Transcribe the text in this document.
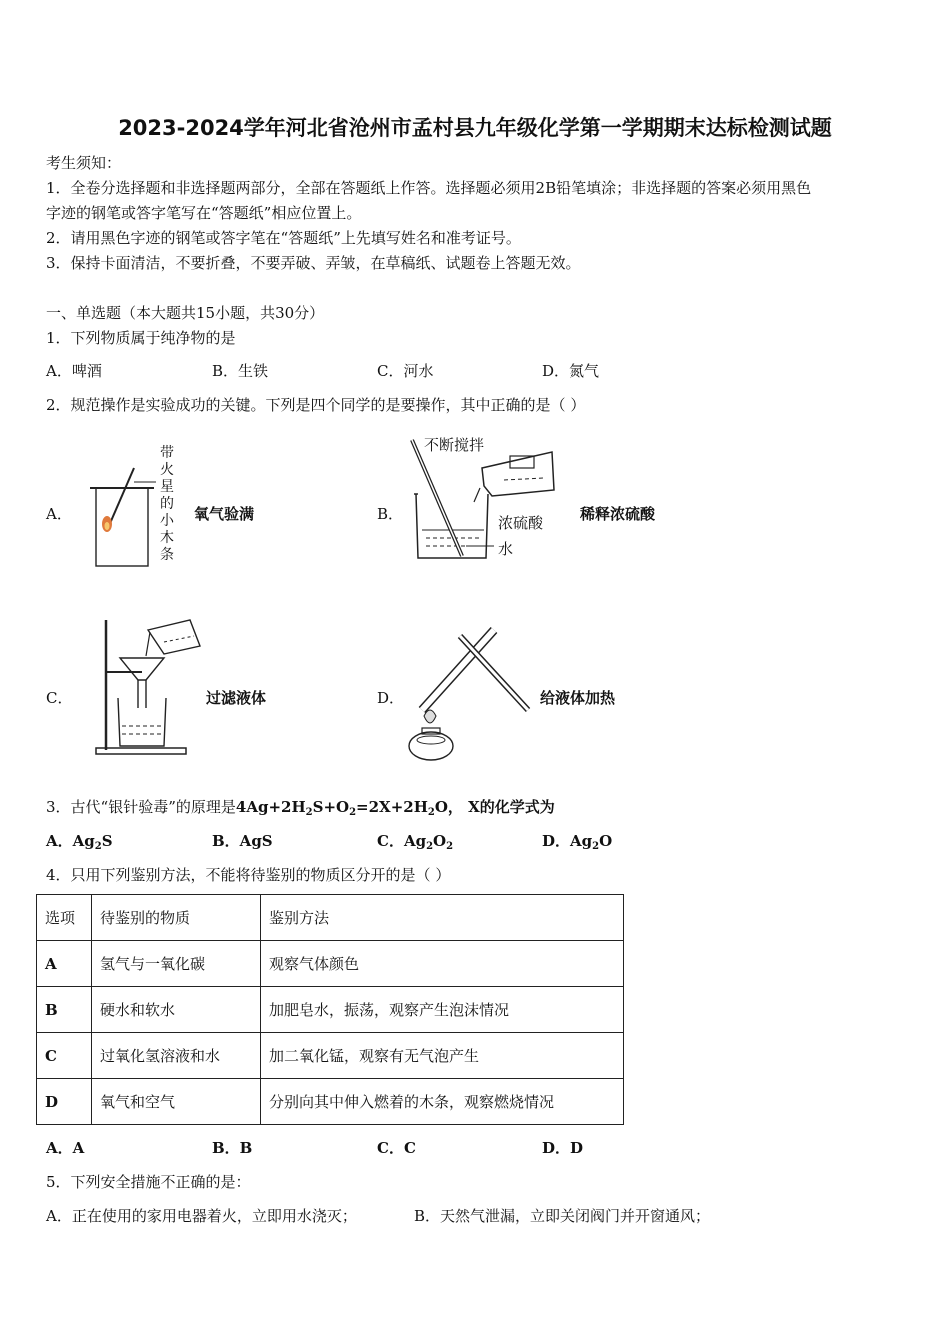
2023-2024学年河北省沧州市孟村县九年级化学第一学期期末达标检测试题
考生须知：
1．全卷分选择题和非选择题两部分，全部在答题纸上作答。选择题必须用2B铅笔填涂；非选择题的答案必须用黑色
字迹的钢笔或答字笔写在“答题纸”相应位置上。
2．请用黑色字迹的钢笔或答字笔在“答题纸”上先填写姓名和准考证号。
3．保持卡面清洁，不要折叠，不要弄破、弄皱，在草稿纸、试题卷上答题无效。
一、单选题（本大题共15小题，共30分）
1．下列物质属于纯净物的是
A．啤酒	B．生铁	C．河水	D．氮气
2．规范操作是实验成功的关键。下列是四个同学的是要操作，其中正确的是（ ）
A．
带
火
星
的
小
木
条
氧气验满	B．
不断搅拌
浓硫酸
水
稀释浓硫酸
C．	过滤液体	D．	给液体加热
3．古代“银针验毒”的原理是$4Ag+2H_2S+O_2=2X+2H_2O$， X的化学式为
A．$Ag_2S$	B．AgS	C．$Ag_2O_2$	D．$Ag_2O$
4．只用下列鉴别方法，不能将待鉴别的物质区分开的是（ ）
选项	待鉴别的物质	鉴别方法
A	氢气与一氧化碳	观察气体颜色
B	硬水和软水	加肥皂水，振荡，观察产生泡沫情况
C	过氧化氢溶液和水	加二氧化锰，观察有无气泡产生
D	氧气和空气	分别向其中伸入燃着的木条，观察燃烧情况
A．A	B．B	C．C	D．D
5．下列安全措施不正确的是：
A．正在使用的家用电器着火，立即用水浇灭；	B．天然气泄漏，立即关闭阀门并开窗通风；
